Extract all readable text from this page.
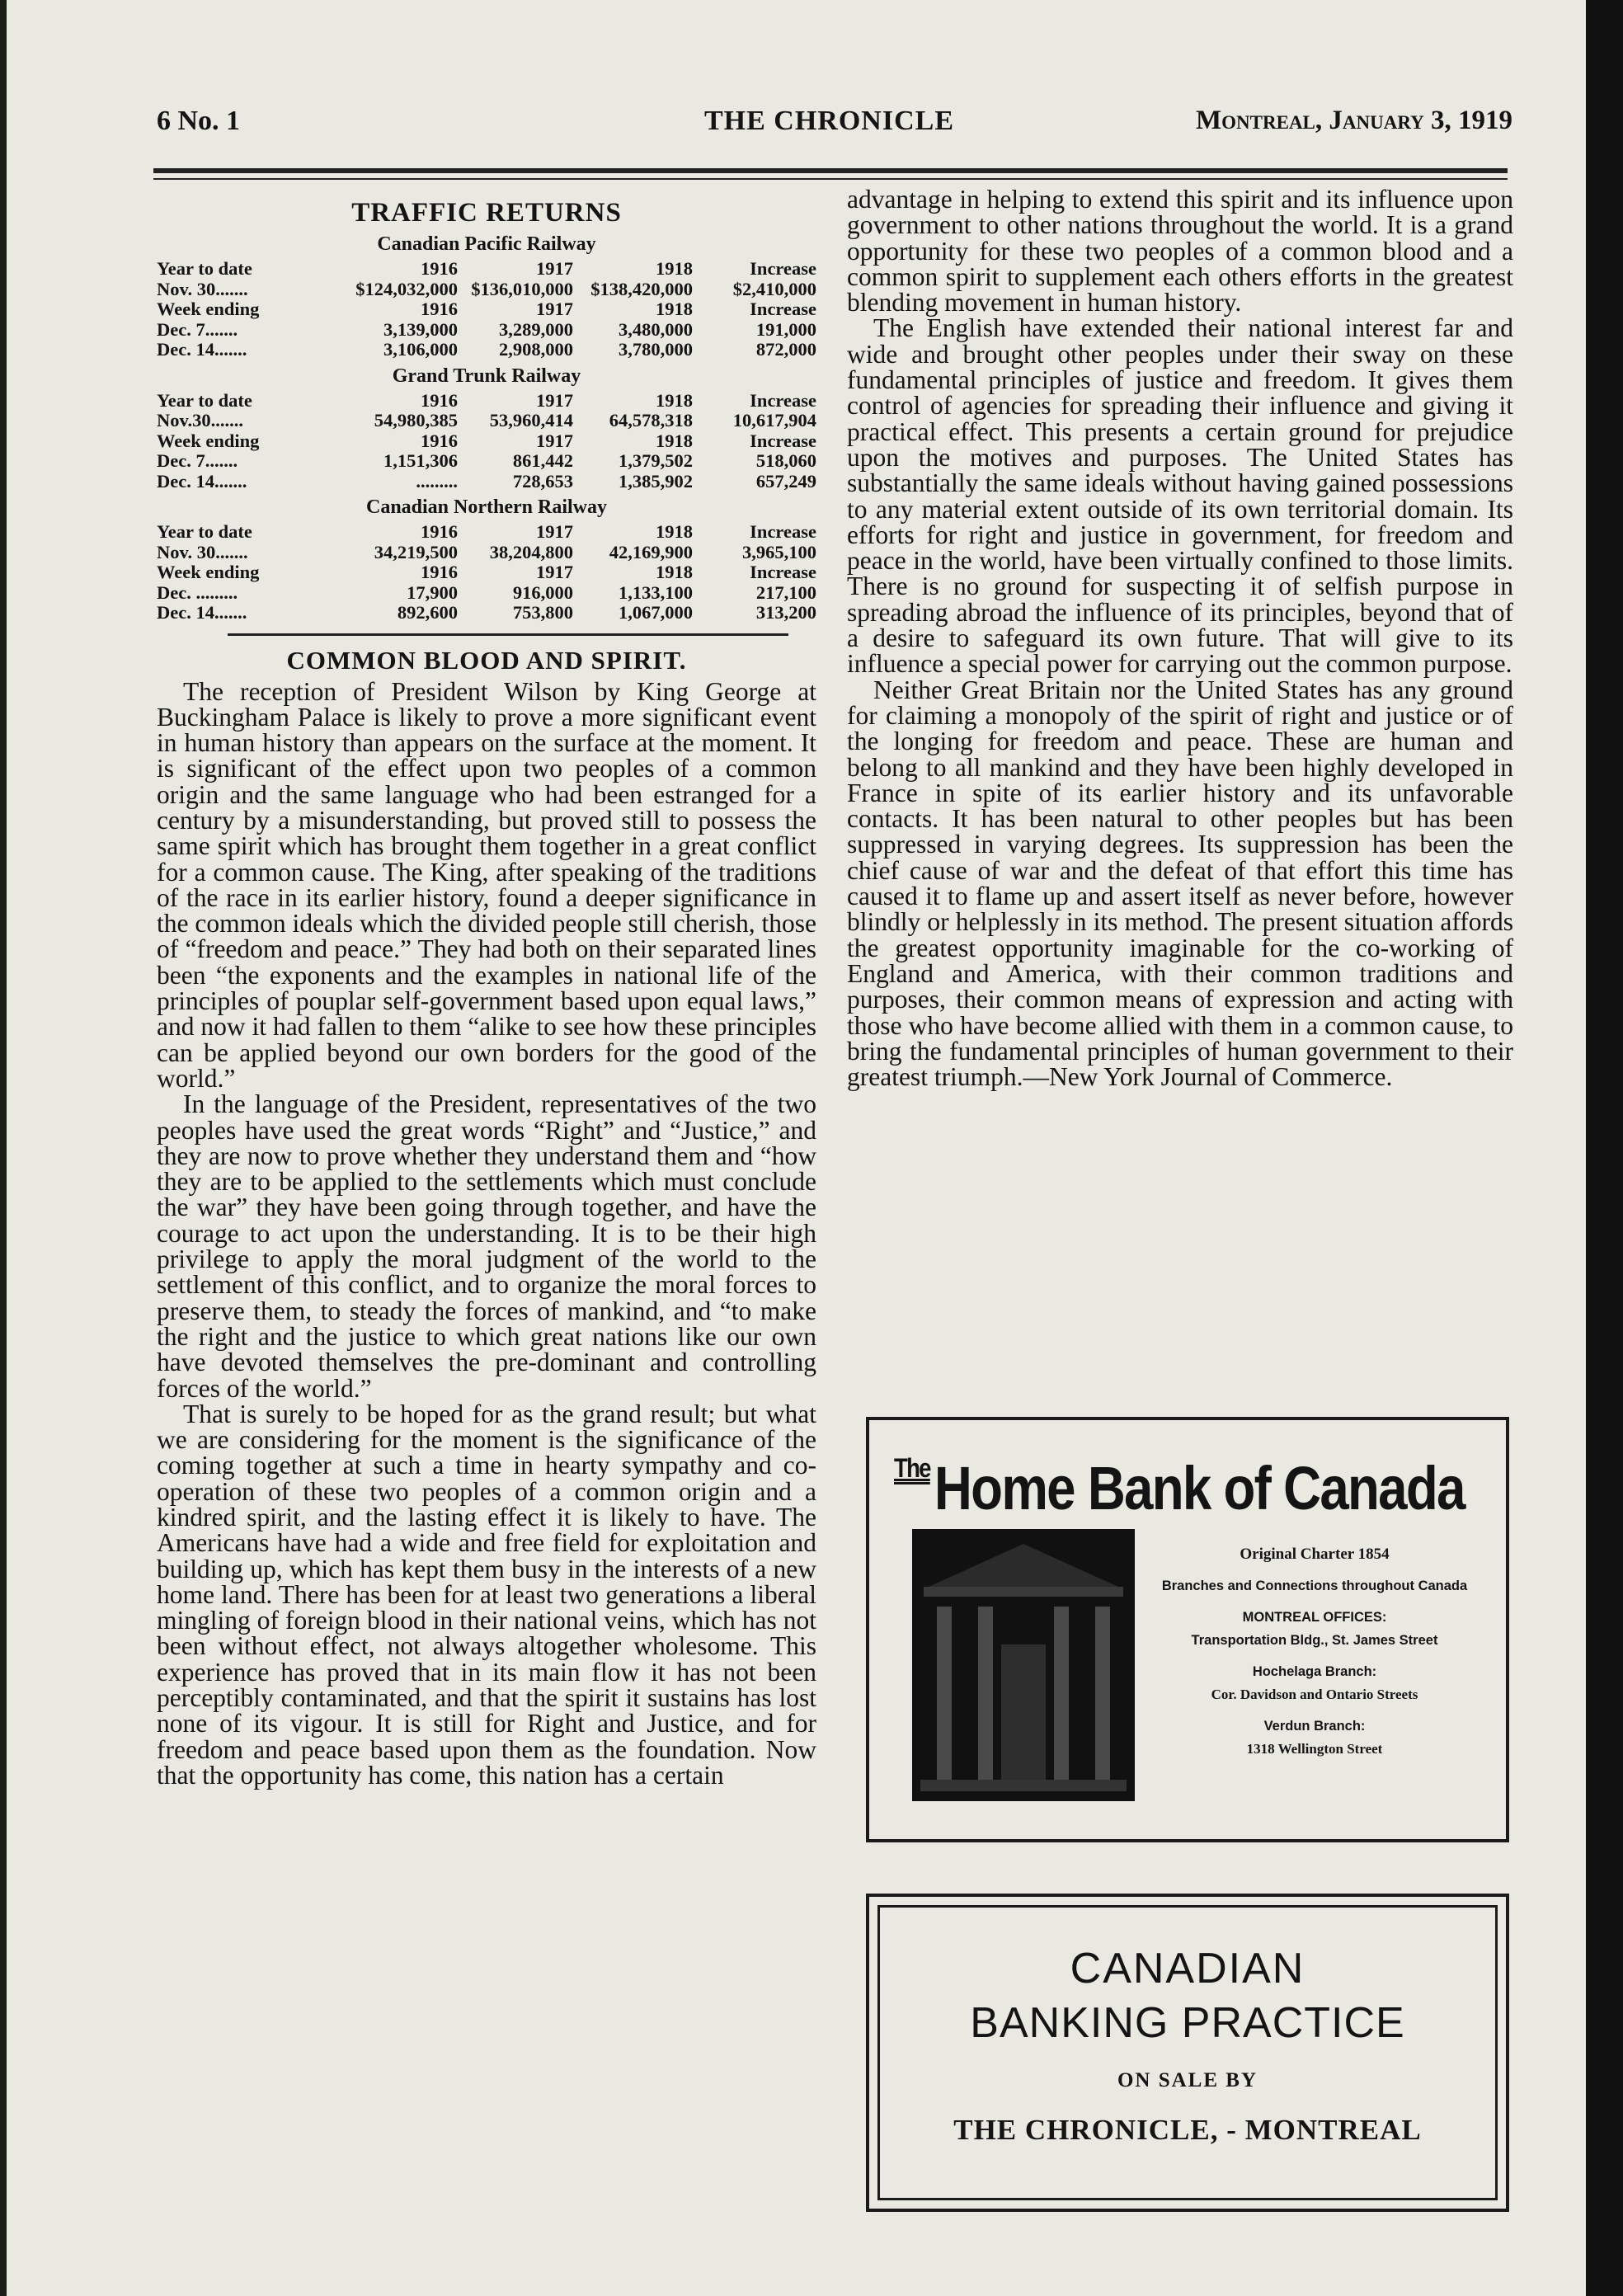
6 No. 1	THE CHRONICLE	Montreal, January 3, 1919
TRAFFIC RETURNS
Canadian Pacific Railway
Year to date	1916	1917	1918	Increase
Nov. 30.......	$124,032,000	$136,010,000	$138,420,000	$2,410,000
Week ending	1916	1917	1918	Increase
Dec. 7.......	3,139,000	3,289,000	3,480,000	191,000
Dec. 14.......	3,106,000	2,908,000	3,780,000	872,000
Grand Trunk Railway
Year to date	1916	1917	1918	Increase
Nov.30.......	54,980,385	53,960,414	64,578,318	10,617,904
Week ending	1916	1917	1918	Increase
Dec. 7.......	1,151,306	861,442	1,379,502	518,060
Dec. 14.......	.........	728,653	1,385,902	657,249
Canadian Northern Railway
Year to date	1916	1917	1918	Increase
Nov. 30.......	34,219,500	38,204,800	42,169,900	3,965,100
Week ending	1916	1917	1918	Increase
Dec. .........	17,900	916,000	1,133,100	217,100
Dec. 14.......	892,600	753,800	1,067,000	313,200
COMMON BLOOD AND SPIRIT.

The reception of President Wilson by King George at Buckingham Palace is likely to prove a more significant event in human history than appears on the surface at the moment. It is significant of the effect upon two peoples of a common origin and the same language who had been estranged for a century by a misunderstanding, but proved still to possess the same spirit which has brought them together in a great conflict for a common cause. The King, after speaking of the traditions of the race in its earlier history, found a deeper significance in the common ideals which the divided people still cherish, those of “freedom and peace.” They had both on their separated lines been “the exponents and the examples in national life of the principles of pouplar self-government based upon equal laws,” and now it had fallen to them “alike to see how these principles can be applied beyond our own borders for the good of the world.”

In the language of the President, representatives of the two peoples have used the great words “Right” and “Justice,” and they are now to prove whether they understand them and “how they are to be applied to the settlements which must conclude the war” they have been going through together, and have the courage to act upon the understanding. It is to be their high privilege to apply the moral judgment of the world to the settlement of this conflict, and to organize the moral forces to preserve them, to steady the forces of mankind, and “to make the right and the justice to which great nations like our own have devoted themselves the pre-dominant and controlling forces of the world.”

That is surely to be hoped for as the grand result; but what we are considering for the moment is the significance of the coming together at such a time in hearty sympathy and co-operation of these two peoples of a common origin and a kindred spirit, and the lasting effect it is likely to have. The Americans have had a wide and free field for exploitation and building up, which has kept them busy in the interests of a new home land. There has been for at least two generations a liberal mingling of foreign blood in their national veins, which has not been without effect, not always altogether wholesome. This experience has proved that in its main flow it has not been perceptibly contaminated, and that the spirit it sustains has lost none of its vigour. It is still for Right and Justice, and for freedom and peace based upon them as the foundation. Now that the opportunity has come, this nation has a certain

advantage in helping to extend this spirit and its influence upon government to other nations throughout the world. It is a grand opportunity for these two peoples of a common blood and a common spirit to supplement each others efforts in the greatest blending movement in human history.

The English have extended their national interest far and wide and brought other peoples under their sway on these fundamental principles of justice and freedom. It gives them control of agencies for spreading their influence and giving it practical effect. This presents a certain ground for prejudice upon the motives and purposes. The United States has substantially the same ideals without having gained possessions to any material extent outside of its own territorial domain. Its efforts for right and justice in government, for freedom and peace in the world, have been virtually confined to those limits. There is no ground for suspecting it of selfish purpose in spreading abroad the influence of its principles, beyond that of a desire to safeguard its own future. That will give to its influence a special power for carrying out the common purpose.

Neither Great Britain nor the United States has any ground for claiming a monopoly of the spirit of right and justice or of the longing for freedom and peace. These are human and belong to all mankind and they have been highly developed in France in spite of its earlier history and its unfavorable contacts. It has been natural to other peoples but has been suppressed in varying degrees. Its suppression has been the chief cause of war and the defeat of that effort this time has caused it to flame up and assert itself as never before, however blindly or helplessly in its method. The present situation affords the greatest opportunity imaginable for the co-working of England and America, with their common traditions and purposes, their common means of expression and acting with those who have become allied with them in a common cause, to bring the fundamental principles of human government to their greatest triumph.—New York Journal of Commerce.

$^{The}$Home Bank of Canada
Original Charter 1854
Branches and Connections throughout Canada
MONTREAL OFFICES:
Transportation Bldg., St. James Street
Hochelaga Branch:
Cor. Davidson and Ontario Streets
Verdun Branch:
1318 Wellington Street
CANADIAN
BANKING PRACTICE
ON SALE BY
THE CHRONICLE, - MONTREAL
